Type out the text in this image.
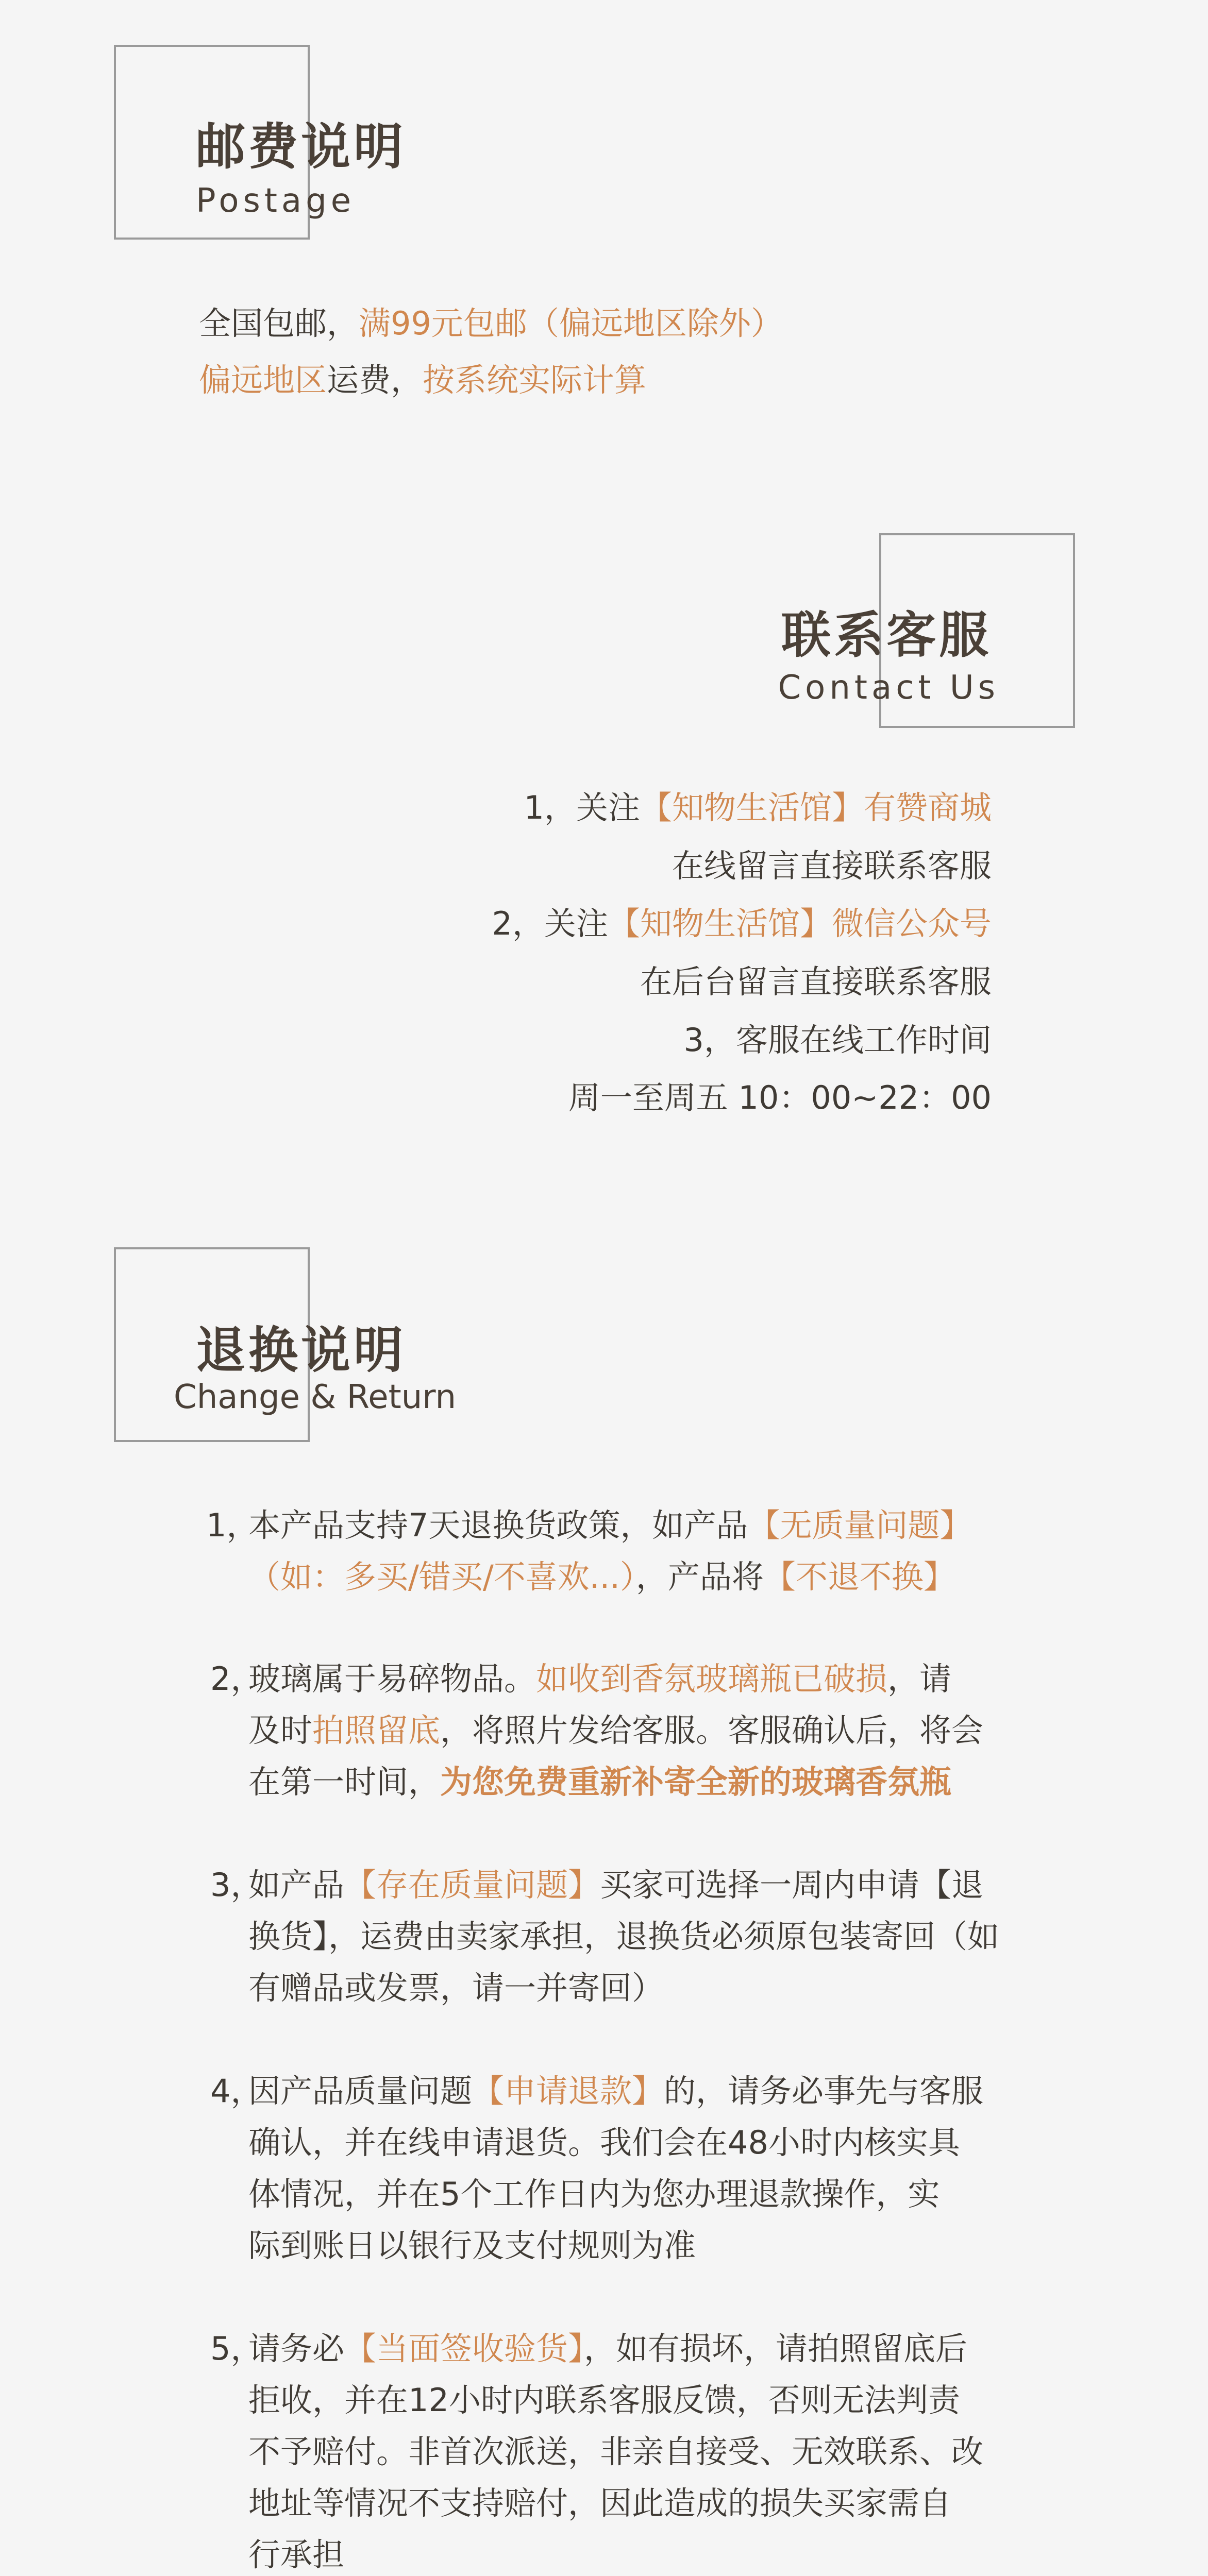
邮费说明
Postage
全国包邮，满99元包邮（偏远地区除外）
偏远地区运费，按系统实际计算
联系客服
Contact Us
1，关注【知物生活馆】有赞商城
在线留言直接联系客服
2，关注【知物生活馆】微信公众号
在后台留言直接联系客服
3，客服在线工作时间
周一至周五 10：00~22：00
退换说明
Change & Return
1，
本产品支持7天退换货政策，如产品【无质量问题】
（如：多买/错买/不喜欢...），产品将【不退不换】
2，
玻璃属于易碎物品。如收到香氛玻璃瓶已破损，请
及时拍照留底，将照片发给客服。客服确认后，将会
在第一时间，为您免费重新补寄全新的玻璃香氛瓶
3，
如产品【存在质量问题】买家可选择一周内申请【退
换货】，运费由卖家承担，退换货必须原包装寄回（如
有赠品或发票，请一并寄回）
4，
因产品质量问题【申请退款】的，请务必事先与客服
确认，并在线申请退货。我们会在48小时内核实具
体情况，并在5个工作日内为您办理退款操作，实
际到账日以银行及支付规则为准
5，
请务必【当面签收验货】，如有损坏，请拍照留底后
拒收，并在12小时内联系客服反馈，否则无法判责
不予赔付。非首次派送，非亲自接受、无效联系、改
地址等情况不支持赔付，因此造成的损失买家需自
行承担
